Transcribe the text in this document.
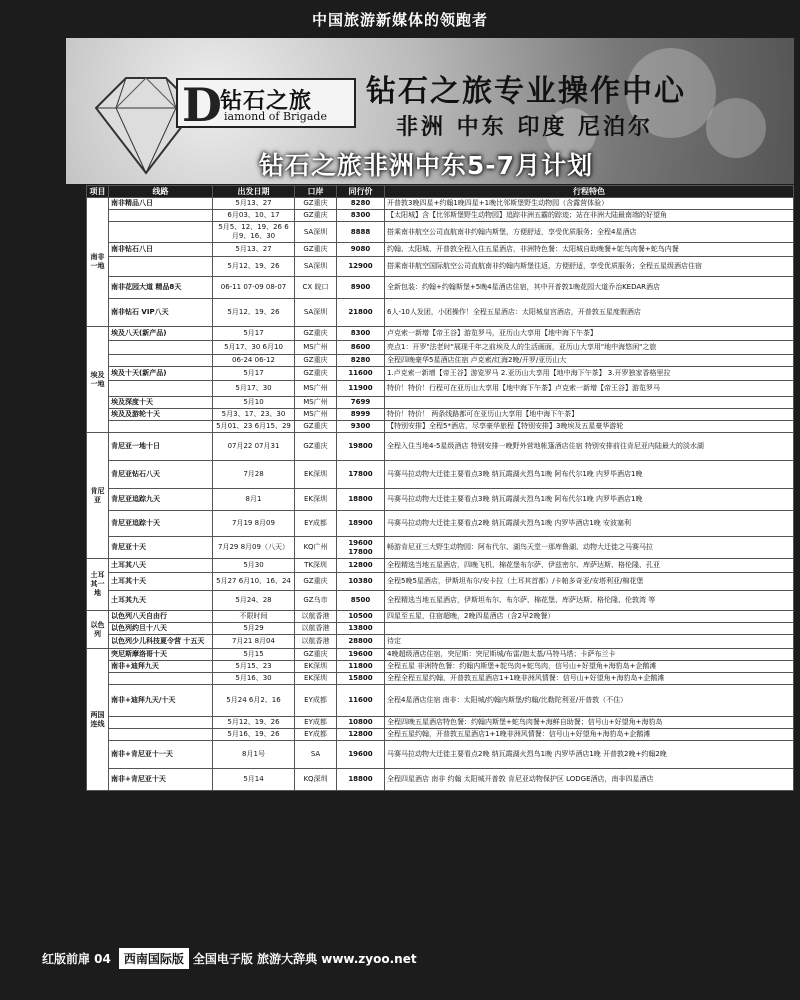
中国旅游新媒体的领跑者
D
钻石之旅
iamond of Brigade
钻石之旅专业操作中心
非洲 中东 印度 尼泊尔
钻石之旅非洲中东5-7月计划
项目	线路	出发日期	口岸	同行价	行程特色
南非一地	南非精品八日	5月13、27	GZ重庆	8280	开普敦3晚四星+约翰1晚四星+1晚比邻斯堡野生动物园（含露营体验）
		6月03、10、17	GZ重庆	8300	【太阳城】含【比邻斯堡野生动物园】追踪非洲五霸的踪迹；站在非洲大陆最南端的好望角
		5月5、12、19、26 6月9、16、30	SA深圳	8888	搭乘南非航空公司直航南非约翰内斯堡，方便舒适，享受优质服务；全程4星酒店
	南非钻石八日	5月13、27	GZ重庆	9080	约翰、太阳城、开普敦全程入住五星酒店，非洲特色餐：太阳城自助晚餐+鸵鸟肉餐+蛇鸟内餐
		5月12、19、26	SA深圳	12900	搭乘南非航空国际航空公司直航南非约翰内斯堡往返，方便舒适，享受优质服务；全程五星级酒店住宿
	南非花园大道 精品8天	06-11 07-09 08-07	CX 皖口	8900	全新包装：约翰+约翰斯堡+5晚4星酒店住宿，其中开普敦1晚花园大道乔治KEDAR酒店
	南非钻石 VIP八天	5月12、19、26	SA深圳	21800	6人-10人发团，小团操作！全程五星酒店：太阳城皇宫酒店，开普敦五星度假酒店
埃及一地	埃及八天(新产品)	5月17	GZ重庆	8300	卢克索一新增【帝王谷】游览罗马，亚历山大享用【地中海下午茶】
		5月17、30 6月10	MS广州	8600	亮点1：开罗"法老时"展现千年之前埃及人的生活画面，亚历山大享用"地中海悠闲"之旅
		06-24 06-12	GZ重庆	8280	全程四晚豪华5星酒店住宿 卢克索/红海2晚/开罗/亚历山大
	埃及十天(新产品)	5月17	GZ重庆	11600	1.卢克索一新增【帝王谷】游览罗马 2.亚历山大享用【地中海下午茶】 3.开罗独家香格里拉
		5月17、30	MS广州	11900	特价！特价！行程可在亚历山大享用【地中海下午茶】卢克索一新增【帝王谷】游览罗马
	埃及深度十天	5月10	MS广州	7699	
	埃及及游轮十天	5月3、17、23、30	MS广州	8999	特价！特价！ 两条线路都可在亚历山大享用【地中海下午茶】
		5月01、23 6月15、29	GZ重庆	9300	【特别安排】全程5*酒店，尽享豪华旅程【特别安排】3晚埃及五星豪华游轮
肯尼亚	肯尼亚一地十日	07月22 07月31	GZ重庆	19800	全程入住当地4-5星级酒店 特别安排一晚野外营地帐篷酒店住宿 特别安排前往肯尼亚内陆最大的淡水湖
	肯尼亚钻石八天	7月28	EK深圳	17800	马赛马拉动物大迁徙主要看点3晚 纳瓦霞湖火烈鸟1晚 阿布代尔1晚 内罗毕酒店1晚
	肯尼亚追踪九天	8月1	EK深圳	18800	马赛马拉动物大迁徙主要看点3晚 纳瓦霞湖火烈鸟1晚 阿布代尔1晚 内罗毕酒店1晚
	肯尼亚追踪十天	7月19 8月09	EY成都	18900	马赛马拉动物大迁徙主要看点2晚 纳瓦霞湖火烈鸟1晚 内罗毕酒店1晚 安波塞利
	肯尼亚十天	7月29 8月09（八天）	KQ广州	19600 17800	畅游肯尼亚三大野生动物园：阿布代尔、湖鸟天堂一那库鲁湖、动物大迁徙之马赛马拉
土耳其一地	土耳其八天	5月30	TK深圳	12800	全程精选当地五星酒店，四晚飞机、棉花堡布尔萨、伊兹密尔、库萨达斯、格伦隆、孔亚
	土耳其十天	5月27 6月10、16、24	GZ重庆	10380	全程5晚5星酒店，伊斯坦布尔/安卡拉（土耳其首都）/卡帕多奇亚/安塔利亚/棉花堡
	土耳其九天	5月24、28	GZ乌市	8500	全程精选当地五星酒店，伊斯坦布尔、布尔萨、棉花堡、库萨达斯、格伦隆、伦敦湾 等
以色列	以色列八天自由行	不限时间	以航香港	10500	四星至五星，住宿超晚，2晚四星酒店（含2早2晚餐）
	以色列约旦十八天	5月29	以航香港	13800	
	以色列少儿科技夏令营 十五天	7月21 8月04	以航香港	28800	待定
两国连线	突尼斯摩洛哥十天	5月15	GZ重庆	19600	4晚超级酒店住宿，突尼斯：突尼斯城/布雷/迦太基/马特马塔；卡萨布兰卡
	南非+迪拜九天	5月15、23	EK深圳	11800	全程五星 非洲特色餐：约翰内斯堡+鸵鸟肉+蛇鸟肉，信号山+好望角+海豹岛+企鹅滩
		5月16、30	EK深圳	15800	全程全程五星约翰，开普敦五星酒店1+1晚非洲风情餐：信号山+好望角+海豹岛+企鹅滩
	南非+迪拜九天/十天	5月24 6月2、16	EY成都	11600	全程4星酒店住宿 南非：太阳城/约翰内斯堡/约翰/比勒陀利亚/开普敦（不住）
		5月12、19、26	EY成都	10800	全程四晚五星酒店特色餐：约翰内斯堡+蛇鸟肉餐+海鲜自助餐；信号山+好望角+海豹岛
		5月16、19、26	EY成都	12800	全程五星约翰，开普敦五星酒店1+1晚非洲风情餐：信号山+好望角+海豹岛+企鹅滩
	南非+肯尼亚十一天	8月1号	SA	19600	马赛马拉动物大迁徙主要看点2晚 纳瓦霞湖火烈鸟1晚 内罗毕酒店1晚 开普敦2晚+约翰2晚
	南非+肯尼亚十天	5月14	KQ深圳	18800	全程四星酒店 南非 约翰 太阳城开普敦 肯尼亚动物保护区 LODGE酒店，南非四星酒店
红版前扉 04	西南国际版 全国电子版 旅游大辞典 www.zyoo.net
